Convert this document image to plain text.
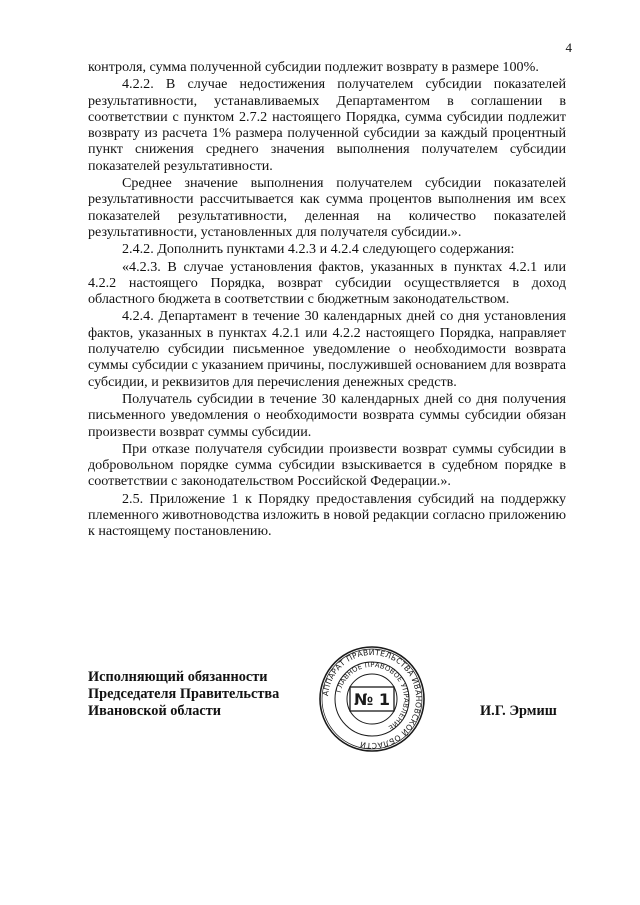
4

контроля, сумма полученной субсидии подлежит возврату в размере 100%.

4.2.2. В случае недостижения получателем субсидии показателей результативности, устанавливаемых Департаментом в соглашении в соответствии с пунктом 2.7.2 настоящего Порядка, сумма субсидии подлежит возврату из расчета 1% размера полученной субсидии за каждый процентный пункт снижения среднего значения выполнения получателем субсидии показателей результативности.

Среднее значение выполнения получателем субсидии показателей результативности рассчитывается как сумма процентов выполнения им всех показателей результативности, деленная на количество показателей результативности, установленных для получателя субсидии.».

2.4.2. Дополнить пунктами 4.2.3 и 4.2.4 следующего содержания:

«4.2.3. В случае установления фактов, указанных в пунктах 4.2.1 или 4.2.2 настоящего Порядка, возврат субсидии осуществляется в доход областного бюджета в соответствии с бюджетным законодательством.

4.2.4. Департамент в течение 30 календарных дней со дня установления фактов, указанных в пунктах 4.2.1 или 4.2.2 настоящего Порядка, направляет получателю субсидии письменное уведомление о необходимости возврата суммы субсидии с указанием причины, послужившей основанием для возврата субсидии, и реквизитов для перечисления денежных средств.

Получатель субсидии в течение 30 календарных дней со дня получения письменного уведомления о необходимости возврата суммы субсидии обязан произвести возврат суммы субсидии.

При отказе получателя субсидии произвести возврат суммы субсидии в добровольном порядке сумма субсидии взыскивается в судебном порядке в соответствии с законодательством Российской Федерации.».

2.5. Приложение 1 к Порядку предоставления субсидий на поддержку племенного животноводства изложить в новой редакции согласно приложению к настоящему постановлению.

Исполняющий обязанности
Председателя Правительства
Ивановской области
АППАРАТ ПРАВИТЕЛЬСТВА ИВАНОВСКОЙ ОБЛАСТИ
ГЛАВНОЕ ПРАВОВОЕ УПРАВЛЕНИЕ
№ 1
И.Г. Эрмиш
